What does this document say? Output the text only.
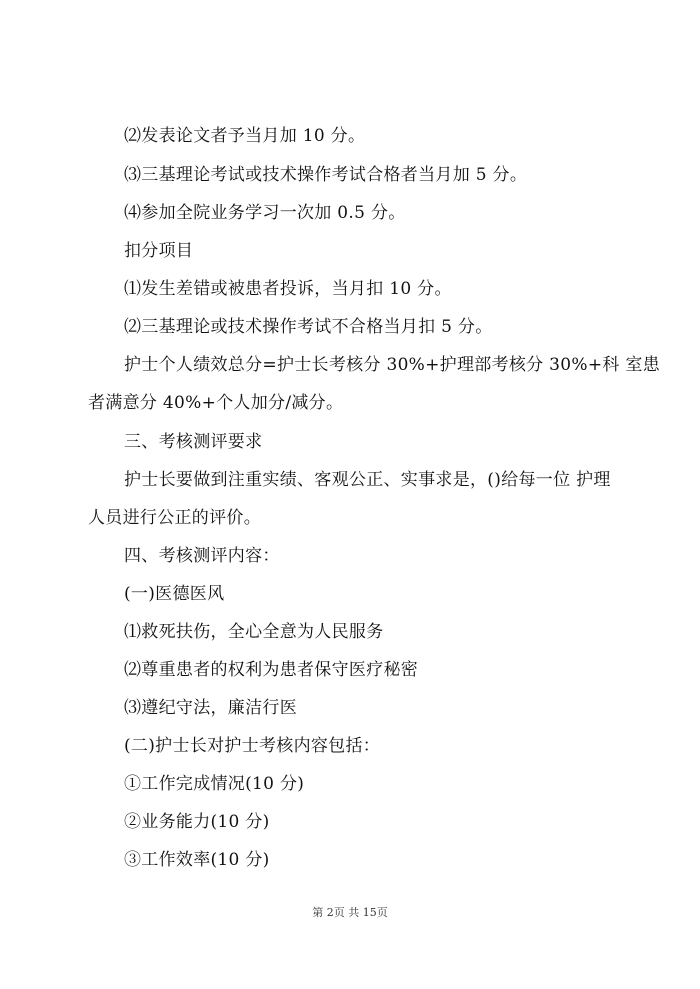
⑵发表论文者予当月加 10 分。
⑶三基理论考试或技术操作考试合格者当月加 5 分。
⑷参加全院业务学习一次加 0.5 分。
扣分项目
⑴发生差错或被患者投诉，当月扣 10 分。
⑵三基理论或技术操作考试不合格当月扣 5 分。
护士个人绩效总分=护士长考核分 30%+护理部考核分 30%+科 室患
者满意分 40%+个人加分/减分。
三、考核测评要求
护士长要做到注重实绩、客观公正、实事求是，()给每一位 护理
人员进行公正的评价。
四、考核测评内容：
(一)医德医风
⑴救死扶伤，全心全意为人民服务
⑵尊重患者的权利为患者保守医疗秘密
⑶遵纪守法，廉洁行医
(二)护士长对护士考核内容包括：
①工作完成情况(10 分)
②业务能力(10 分)
③工作效率(10 分)
第 2页 共 15页
